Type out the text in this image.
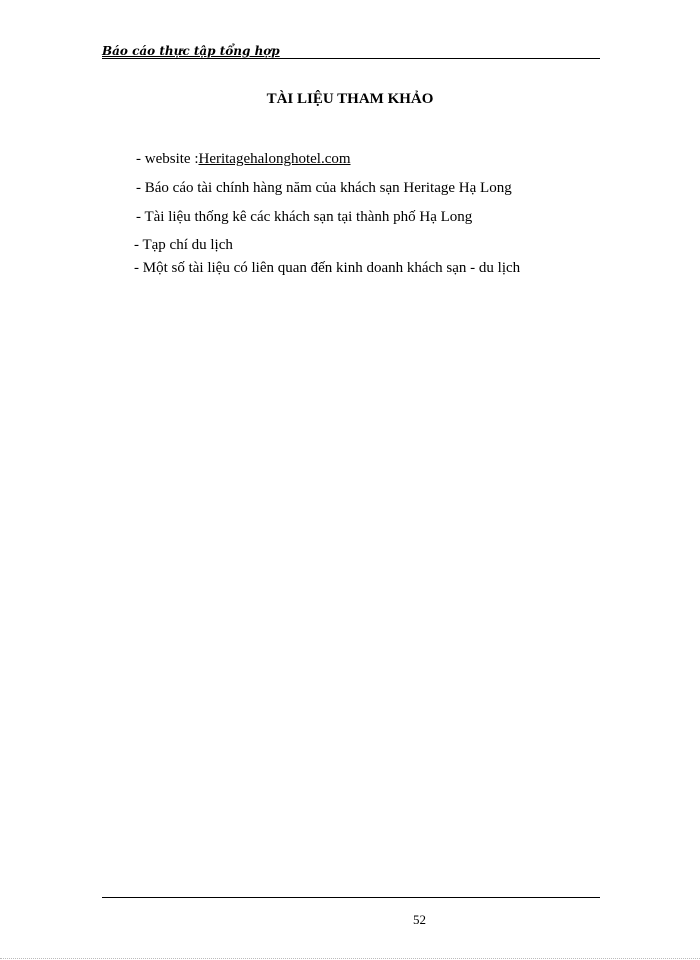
Báo cáo thực tập tổng hợp
TÀI LIỆU THAM KHẢO
- website :Heritagehalonghotel.com
- Báo cáo tài chính hàng năm của khách sạn Heritage Hạ Long
- Tài liệu thống kê các khách sạn tại thành phố Hạ Long
- Tạp chí du lịch
- Một số tài liệu có liên quan đến kinh doanh khách sạn - du lịch
52
